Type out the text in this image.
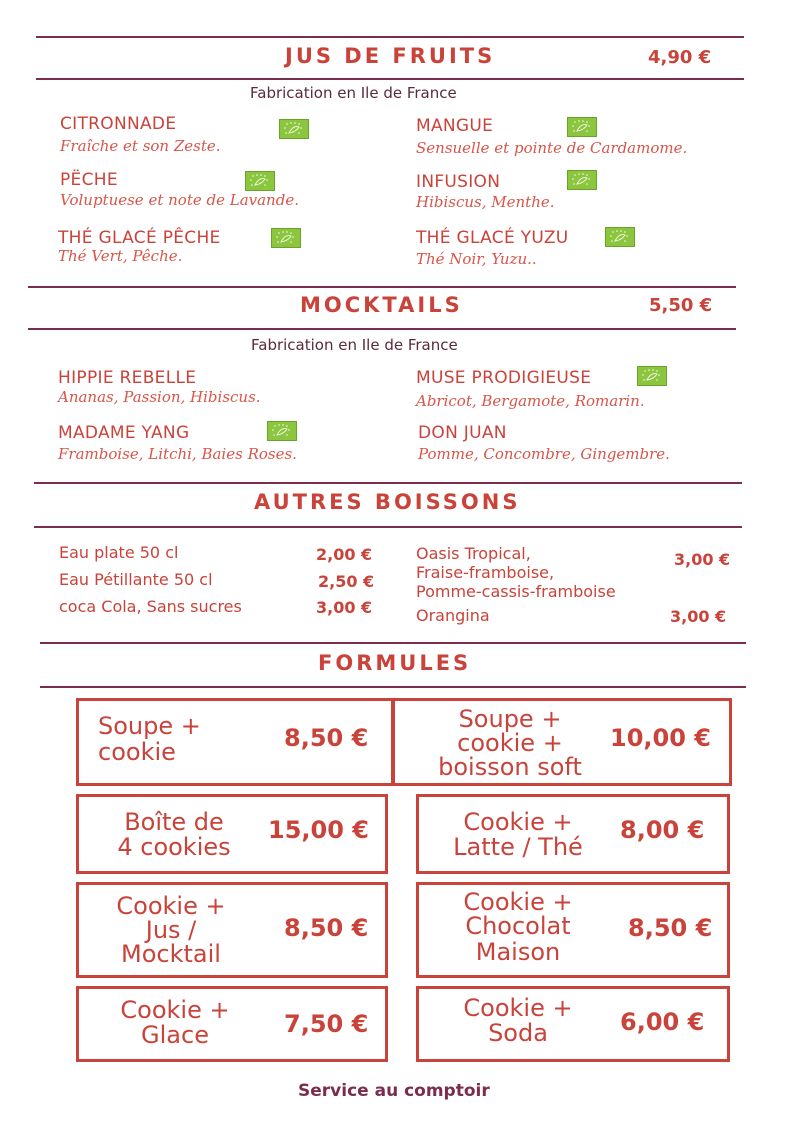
JUS DE FRUITS	4,90 €
Fabrication en Ile de France
CITRONNADE
Fraîche et son Zeste.
MANGUE
Sensuelle et pointe de Cardamome.
PËCHE
Voluptuese et note de Lavande.
INFUSION
Hibiscus, Menthe.
THÉ GLACÉ PÊCHE
Thé Vert, Pêche.
THÉ GLACÉ YUZU
Thé Noir, Yuzu..
MOCKTAILS	5,50 €
Fabrication en Ile de France
HIPPIE REBELLE
Ananas, Passion, Hibiscus.
MUSE PRODIGIEUSE
Abricot, Bergamote, Romarin.
MADAME YANG
Framboise, Litchi, Baies Roses.
DON JUAN
Pomme, Concombre, Gingembre.
AUTRES BOISSONS
Eau plate 50 cl	2,00 €
Eau Pétillante 50 cl	2,50 €
coca Cola, Sans sucres	3,00 €
Oasis Tropical,
Fraise-framboise,
Pomme-cassis-framboise
3,00 €
Orangina	3,00 €
FORMULES
Soupe +
cookie	8,50 €
Soupe +
cookie +
boisson soft
10,00 €
Boîte de
4 cookies
15,00 €	Cookie +
Latte / Thé
8,00 €
Cookie +
Jus /
Mocktail
8,50 €
Cookie +
Chocolat
Maison
8,50 €
Cookie +
Glace	7,50 €
Cookie +
Soda	6,00 €
Service au comptoir
